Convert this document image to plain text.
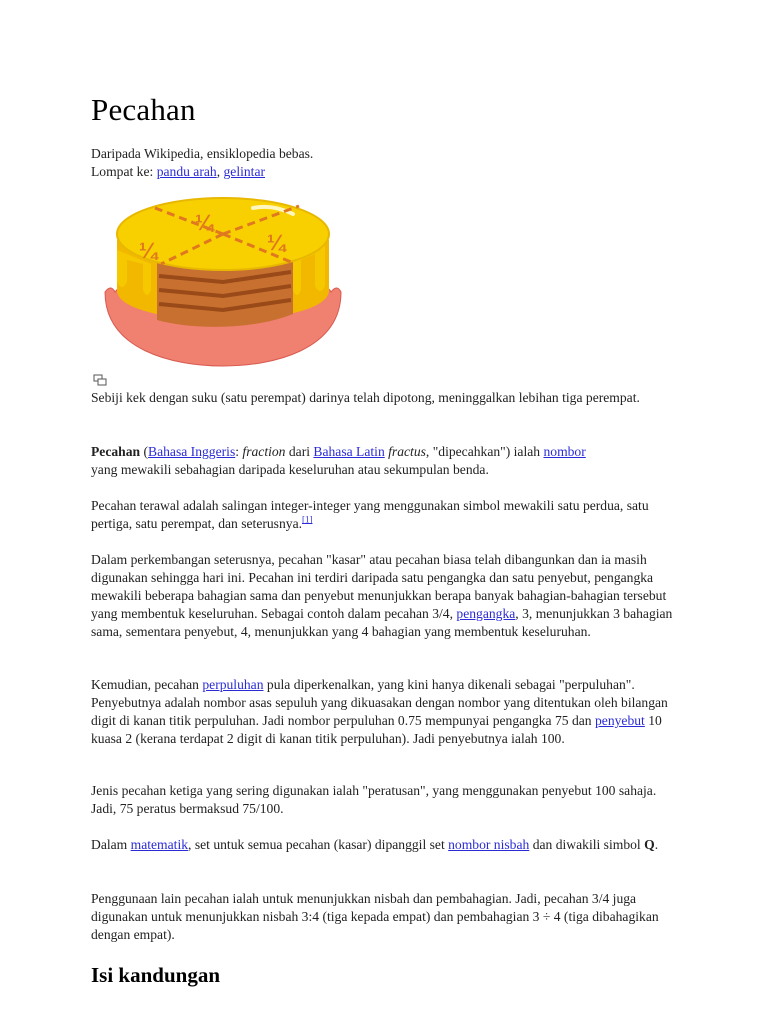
Pecahan
Daripada Wikipedia, ensiklopedia bebas.
Lompat ke: pandu arah, gelintar
¼
¼	¼

Sebiji kek dengan suku (satu perempat) darinya telah dipotong, meninggalkan lebihan tiga perempat.

Pecahan (Bahasa Inggeris: fraction dari Bahasa Latin fractus, "dipecahkan") ialah nombor
yang mewakili sebahagian daripada keseluruhan atau sekumpulan benda.

Pecahan terawal adalah salingan integer-integer yang menggunakan simbol mewakili satu perdua, satu pertiga, satu perempat, dan seterusnya.[1]

Dalam perkembangan seterusnya, pecahan "kasar" atau pecahan biasa telah dibangunkan dan ia masih digunakan sehingga hari ini. Pecahan ini terdiri daripada satu pengangka dan satu penyebut, pengangka mewakili beberapa bahagian sama dan penyebut menunjukkan berapa banyak bahagian-bahagian tersebut yang membentuk keseluruhan. Sebagai contoh dalam pecahan 3/4, pengangka, 3, menunjukkan 3 bahagian sama, sementara penyebut, 4, menunjukkan yang 4 bahagian yang membentuk keseluruhan.

Kemudian, pecahan perpuluhan pula diperkenalkan, yang kini hanya dikenali sebagai "perpuluhan". Penyebutnya adalah nombor asas sepuluh yang dikuasakan dengan nombor yang ditentukan oleh bilangan digit di kanan titik perpuluhan. Jadi nombor perpuluhan 0.75 mempunyai pengangka 75 dan penyebut 10 kuasa 2 (kerana terdapat 2 digit di kanan titik perpuluhan). Jadi penyebutnya ialah 100.

Jenis pecahan ketiga yang sering digunakan ialah "peratusan", yang menggunakan penyebut 100 sahaja. Jadi, 75 peratus bermaksud 75/100.

Dalam matematik, set untuk semua pecahan (kasar) dipanggil set nombor nisbah dan diwakili simbol Q.

Penggunaan lain pecahan ialah untuk menunjukkan nisbah dan pembahagian. Jadi, pecahan 3/4 juga digunakan untuk menunjukkan nisbah 3:4 (tiga kepada empat) dan pembahagian 3 ÷ 4 (tiga dibahagikan dengan empat).

Isi kandungan
